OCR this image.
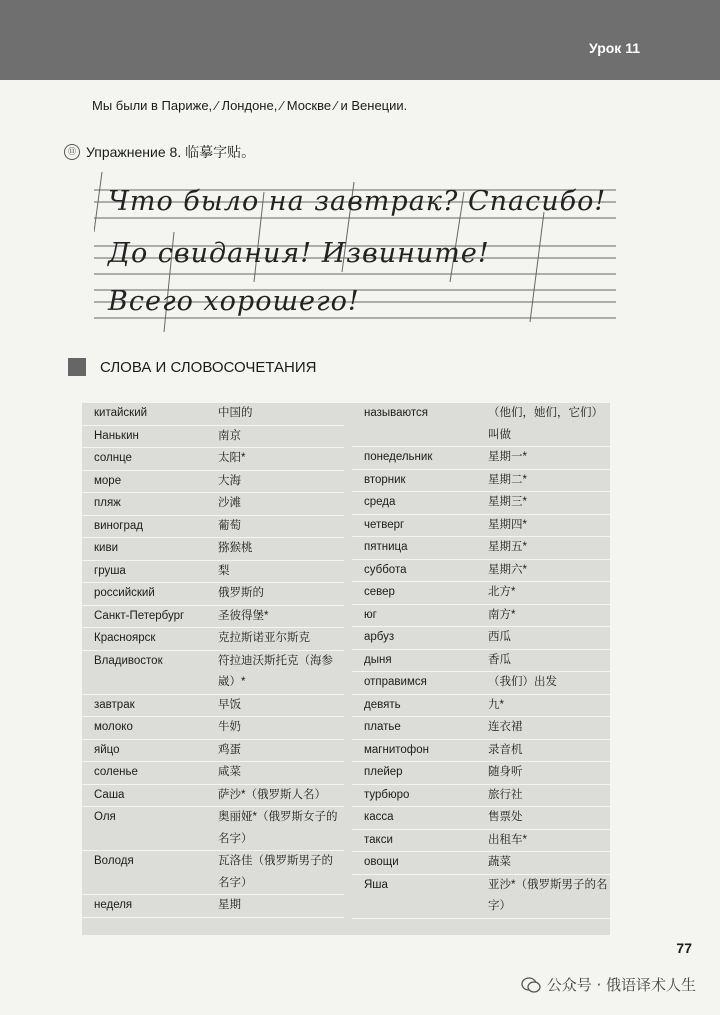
Урок 11
Мы были в Париже, ⁄ Лондоне, ⁄ Москве ⁄ и Венеции.
⑪ Упражнение 8. 临摹字贴。
Что было на завтрак? Спасибо!
До свидания! Извините!
Всего хорошего!
СЛОВА И СЛОВОСОЧЕТАНИЯ
китайский	中国的
Нанькин	南京
солнце	太阳*
море	大海
пляж	沙滩
виноград	葡萄
киви	猕猴桃
груша	梨
российский	俄罗斯的
Санкт-Петербург	圣彼得堡*
Красноярск	克拉斯诺亚尔斯克
Владивосток	符拉迪沃斯托克（海参崴）*
завтрак	早饭
молоко	牛奶
яйцо	鸡蛋
соленье	咸菜
Саша	萨沙*（俄罗斯人名）
Оля	奥丽娅*（俄罗斯女子的名字）
Володя	瓦洛佳（俄罗斯男子的名字）
неделя	星期
называются	（他们，她们，它们）叫做
понедельник	星期一*
вторник	星期二*
среда	星期三*
четверг	星期四*
пятница	星期五*
суббота	星期六*
север	北方*
юг	南方*
арбуз	西瓜
дыня	香瓜
отправимся	（我们）出发
девять	九*
платье	连衣裙
магнитофон	录音机
плейер	随身听
турбюро	旅行社
касса	售票处
такси	出租车*
овощи	蔬菜
Яша	亚沙*（俄罗斯男子的名字）
77
公众号 · 俄语译术人生
